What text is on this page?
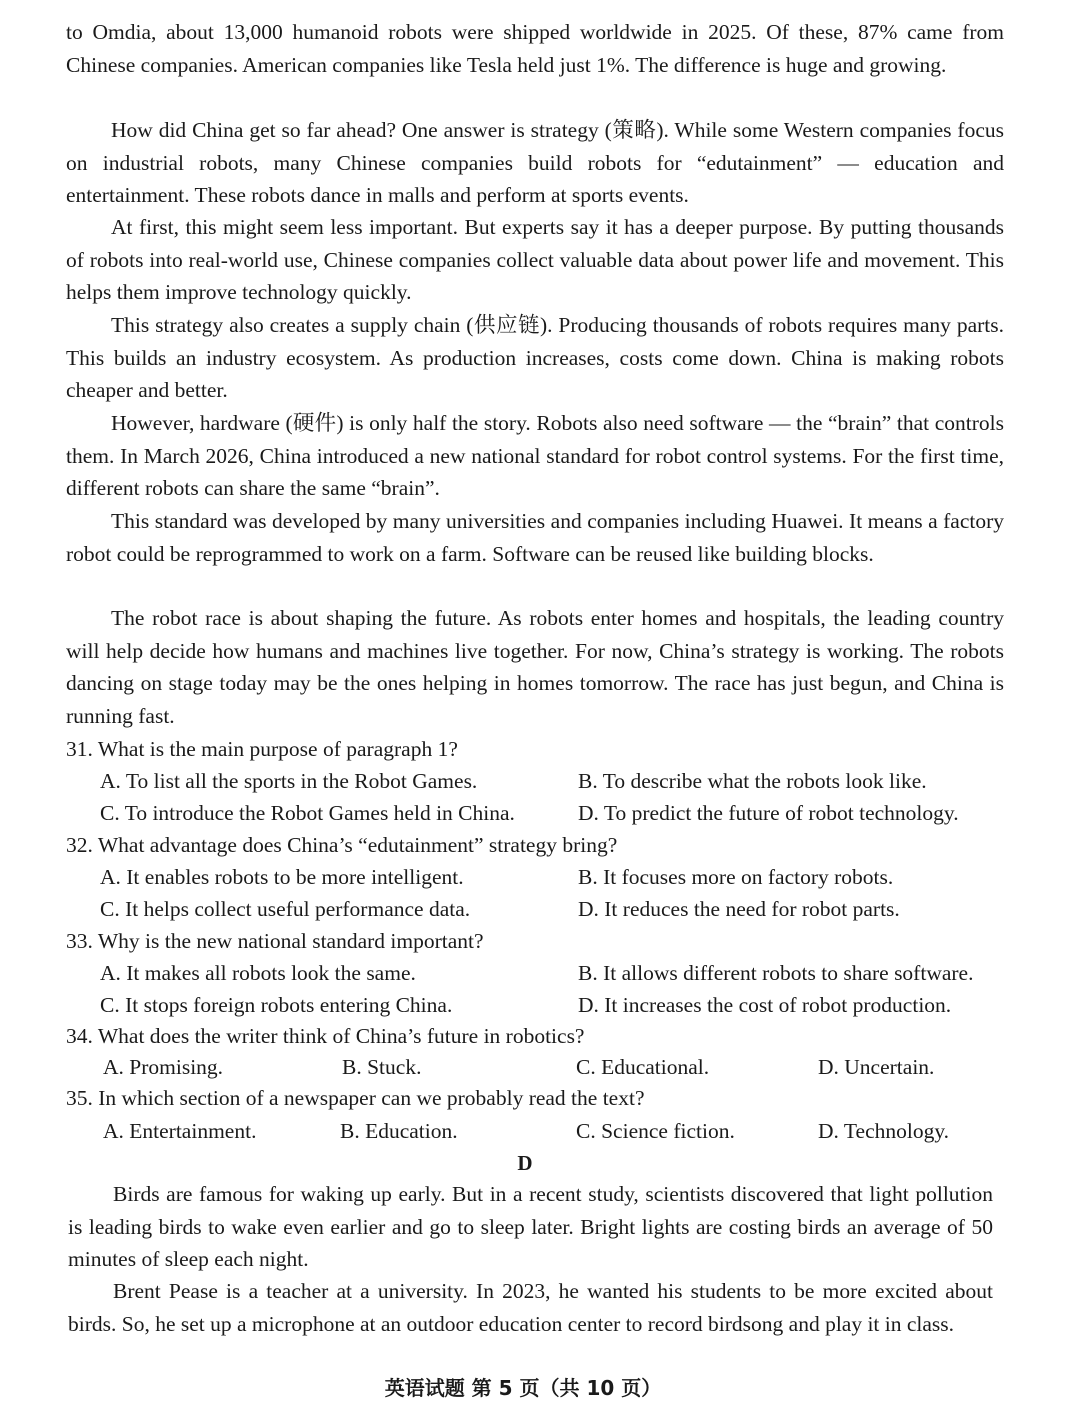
to Omdia, about 13,000 humanoid robots were shipped worldwide in 2025. Of these, 87% came from Chinese companies. American companies like Tesla held just 1%. The difference is huge and growing.

How did China get so far ahead? One answer is strategy (策略). While some Western companies focus on industrial robots, many Chinese companies build robots for “edutainment” — education and entertainment. These robots dance in malls and perform at sports events.

At first, this might seem less important. But experts say it has a deeper purpose. By putting thousands of robots into real-world use, Chinese companies collect valuable data about power life and movement. This helps them improve technology quickly.

This strategy also creates a supply chain (供应链). Producing thousands of robots requires many parts. This builds an industry ecosystem. As production increases, costs come down. China is making robots cheaper and better.

However, hardware (硬件) is only half the story. Robots also need software — the “brain” that controls them. In March 2026, China introduced a new national standard for robot control systems. For the first time, different robots can share the same “brain”.

This standard was developed by many universities and companies including Huawei. It means a factory robot could be reprogrammed to work on a farm. Software can be reused like building blocks.

The robot race is about shaping the future. As robots enter homes and hospitals, the leading country will help decide how humans and machines live together. For now, China’s strategy is working. The robots dancing on stage today may be the ones helping in homes tomorrow. The race has just begun, and China is running fast.

31. What is the main purpose of paragraph 1?
A. To list all the sports in the Robot Games.	B. To describe what the robots look like.
C. To introduce the Robot Games held in China.	D. To predict the future of robot technology.
32. What advantage does China’s “edutainment” strategy bring?
A. It enables robots to be more intelligent.	B. It focuses more on factory robots.
C. It helps collect useful performance data.	D. It reduces the need for robot parts.
33. Why is the new national standard important?
A. It makes all robots look the same.	B. It allows different robots to share software.
C. It stops foreign robots entering China.	D. It increases the cost of robot production.
34. What does the writer think of China’s future in robotics?
A. Promising.	B. Stuck.	C. Educational.	D. Uncertain.
35. In which section of a newspaper can we probably read the text?
A. Entertainment.	B. Education.	C. Science fiction.	D. Technology.
D

Birds are famous for waking up early. But in a recent study, scientists discovered that light pollution is leading birds to wake even earlier and go to sleep later. Bright lights are costing birds an average of 50 minutes of sleep each night.

Brent Pease is a teacher at a university. In 2023, he wanted his students to be more excited about birds. So, he set up a microphone at an outdoor education center to record birdsong and play it in class.

英语试题 第 5 页（共 10 页）
